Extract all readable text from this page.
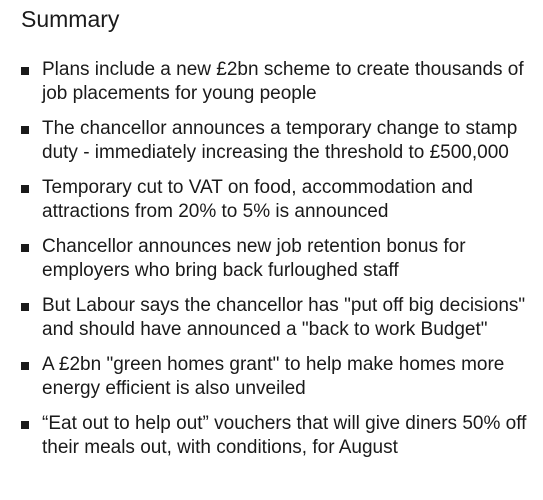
Summary
Plans include a new £2bn scheme to create thousands of job placements for young people
The chancellor announces a temporary change to stamp duty - immediately increasing the threshold to £500,000
Temporary cut to VAT on food, accommodation and attractions from 20% to 5% is announced
Chancellor announces new job retention bonus for employers who bring back furloughed staff
But Labour says the chancellor has "put off big decisions" and should have announced a "back to work Budget"
A £2bn "green homes grant" to help make homes more energy efficient is also unveiled
“Eat out to help out” vouchers that will give diners 50% off their meals out, with conditions, for August
